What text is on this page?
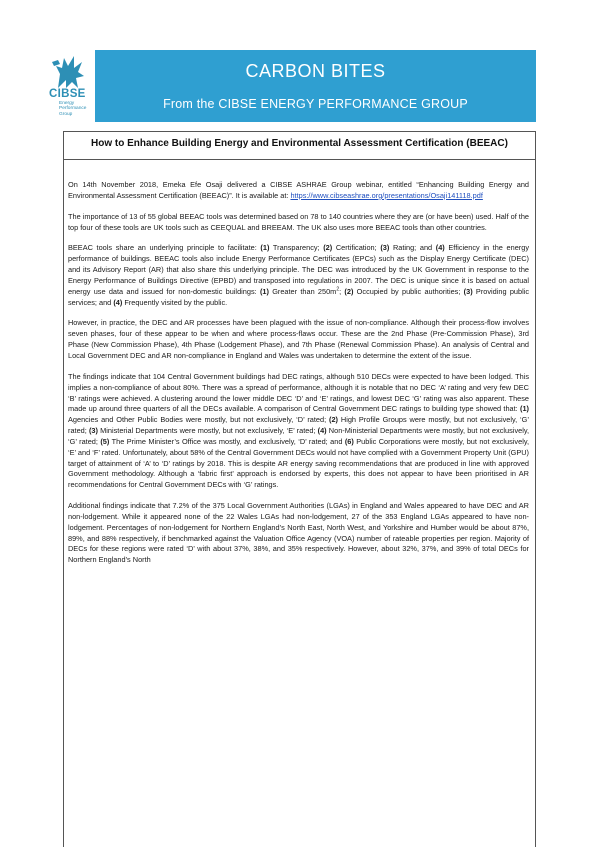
CIBSE
Energy
Performance
Group
CARBON BITES
From the CIBSE ENERGY PERFORMANCE GROUP
How to Enhance Building Energy and Environmental Assessment Certification (BEEAC)

On 14th November 2018, Emeka Efe Osaji delivered a CIBSE ASHRAE Group webinar, entitled “Enhancing Building Energy and Environmental Assessment Certification (BEEAC)”. It is available at: https://www.cibseashrae.org/presentations/Osaji141118.pdf

The importance of 13 of 55 global BEEAC tools was determined based on 78 to 140 countries where they are (or have been) used. Half of the top four of these tools are UK tools such as CEEQUAL and BREEAM. The UK also uses more BEEAC tools than other countries.

BEEAC tools share an underlying principle to facilitate: (1) Transparency; (2) Certification; (3) Rating; and (4) Efficiency in the energy performance of buildings. BEEAC tools also include Energy Performance Certificates (EPCs) such as the Display Energy Certificate (DEC) and its Advisory Report (AR) that also share this underlying principle. The DEC was introduced by the UK Government in response to the Energy Performance of Buildings Directive (EPBD) and transposed into regulations in 2007. The DEC is unique since it is based on actual energy use data and issued for non-domestic buildings: (1) Greater than $250m^2$; (2) Occupied by public authorities; (3) Providing public services; and (4) Frequently visited by the public.

However, in practice, the DEC and AR processes have been plagued with the issue of non-compliance. Although their process-flow involves seven phases, four of these appear to be when and where process-flaws occur. These are the 2nd Phase (Pre-Commission Phase), 3rd Phase (New Commission Phase), 4th Phase (Lodgement Phase), and 7th Phase (Renewal Commission Phase). An analysis of Central and Local Government DEC and AR non-compliance in England and Wales was undertaken to determine the extent of the issue.

The findings indicate that 104 Central Government buildings had DEC ratings, although 510 DECs were expected to have been lodged. This implies a non-compliance of about 80%. There was a spread of performance, although it is notable that no DEC ‘A’ rating and very few DEC ‘B’ ratings were achieved. A clustering around the lower middle DEC ‘D’ and ‘E’ ratings, and lowest DEC ‘G’ rating was also apparent. These made up around three quarters of all the DECs available. A comparison of Central Government DEC ratings to building type showed that: (1) Agencies and Other Public Bodies were mostly, but not exclusively, ‘D’ rated; (2) High Profile Groups were mostly, but not exclusively, ‘G’ rated; (3) Ministerial Departments were mostly, but not exclusively, ‘E’ rated; (4) Non-Ministerial Departments were mostly, but not exclusively, ‘G’ rated; (5) The Prime Minister’s Office was mostly, and exclusively, ‘D’ rated; and (6) Public Corporations were mostly, but not exclusively, ‘E’ and ‘F’ rated. Unfortunately, about 58% of the Central Government DECs would not have complied with a Government Property Unit (GPU) target of attainment of ‘A’ to ‘D’ ratings by 2018. This is despite AR energy saving recommendations that are produced in line with approved Government methodology. Although a ‘fabric first’ approach is endorsed by experts, this does not appear to have been prioritised in AR recommendations for Central Government DECs with ‘G’ ratings.

Additional findings indicate that 7.2% of the 375 Local Government Authorities (LGAs) in England and Wales appeared to have DEC and AR non-lodgement. While it appeared none of the 22 Wales LGAs had non-lodgement, 27 of the 353 England LGAs appeared to have non-lodgement. Percentages of non-lodgement for Northern England’s North East, North West, and Yorkshire and Humber would be about 87%, 89%, and 88% respectively, if benchmarked against the Valuation Office Agency (VOA) number of rateable properties per region. Majority of DECs for these regions were rated ‘D’ with about 37%, 38%, and 35% respectively. However, about 32%, 37%, and 39% of total DECs for Northern England’s North
